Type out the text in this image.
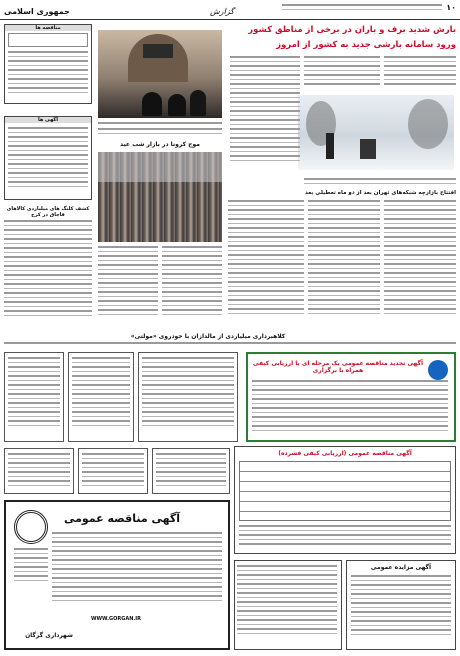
۱۰
گزارش
جمهوری اسلامی
بارش شدید برف و باران در برخی از مناطق کشور
ورود سامانه بارشی جدید به کشور از امروز
افتتاح بازارچه شبکه‌های تهران بعد از دو ماه تعطیلی بعد
موج کرونا در بازار شب عید
مناقصه ها
آگهی ها
کشف کلنگ های میلیاردی کالاهای قاچاق در کرج
کلاهبرداری میلیاردی از مالدازان با خودروی «مولتی»
آگهی تجدید مناقصه عمومی یک مرحله ای با ارزیابی کیفی همراه با برگزاری
آگهی مناقصه عمومی (ارزیابی کیفی فشرده)
آگهی مناقصه عمومی
WWW.GORGAN.IR
شهرداری گرگان
آگهی مزایده عمومی
